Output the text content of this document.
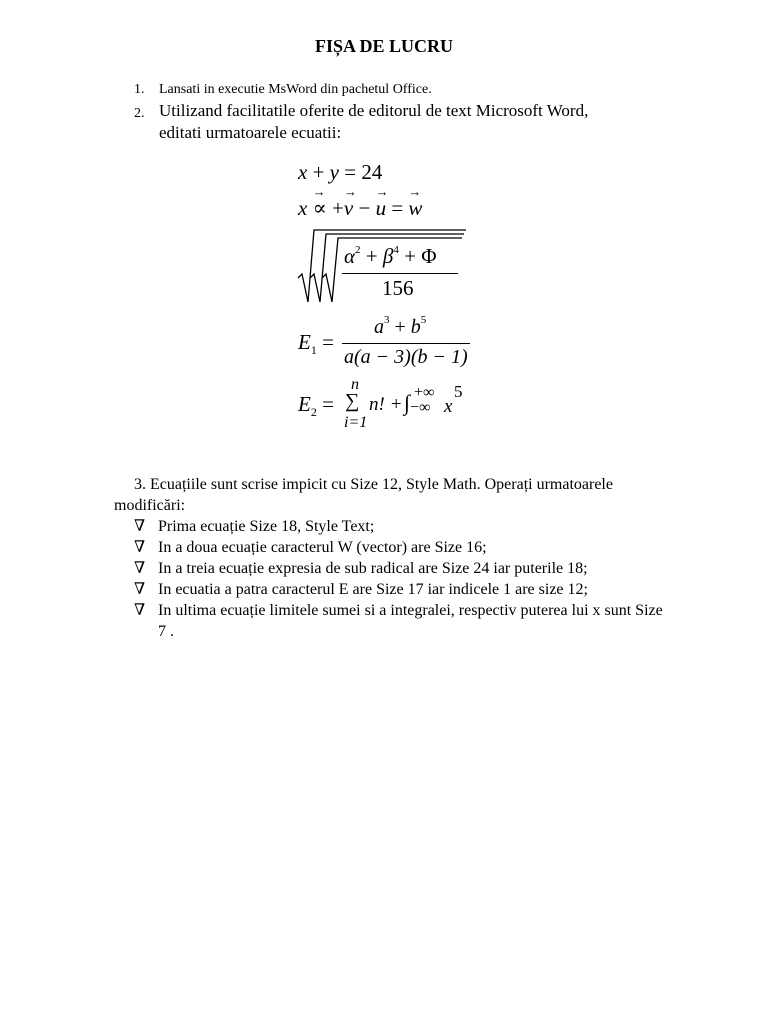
FIȘA DE LUCRU
1.	Lansati in executie MsWord din pachetul Office.
2. Utilizand facilitatile oferite de editorul de text Microsoft Word, editati urmatoarele ecuatii:
x + y = 24
x
→
∝ +
→
v −
→
u =
→
w
$\alpha^2 + \beta^4 + \Phi$
156
$E_1$ =
$a^3 + b^5$
a(a − 3)(b − 1)
$E_2$ =
n
∑
i=1
n! + ∫ +∞
−∞ x
5
3. Ecuațiile sunt scrise impicit cu Size 12, Style Math. Operați urmatoarele modificări:
∇ Prima ecuație Size 18, Style Text;
∇ In a doua ecuație caracterul W (vector) are Size 16;
∇ In a treia ecuație expresia de sub radical are Size 24 iar puterile 18;
∇ In ecuatia a patra caracterul E are Size 17 iar indicele 1 are size 12;
∇ In ultima ecuație limitele sumei si a integralei, respectiv puterea lui x sunt Size 7 .
